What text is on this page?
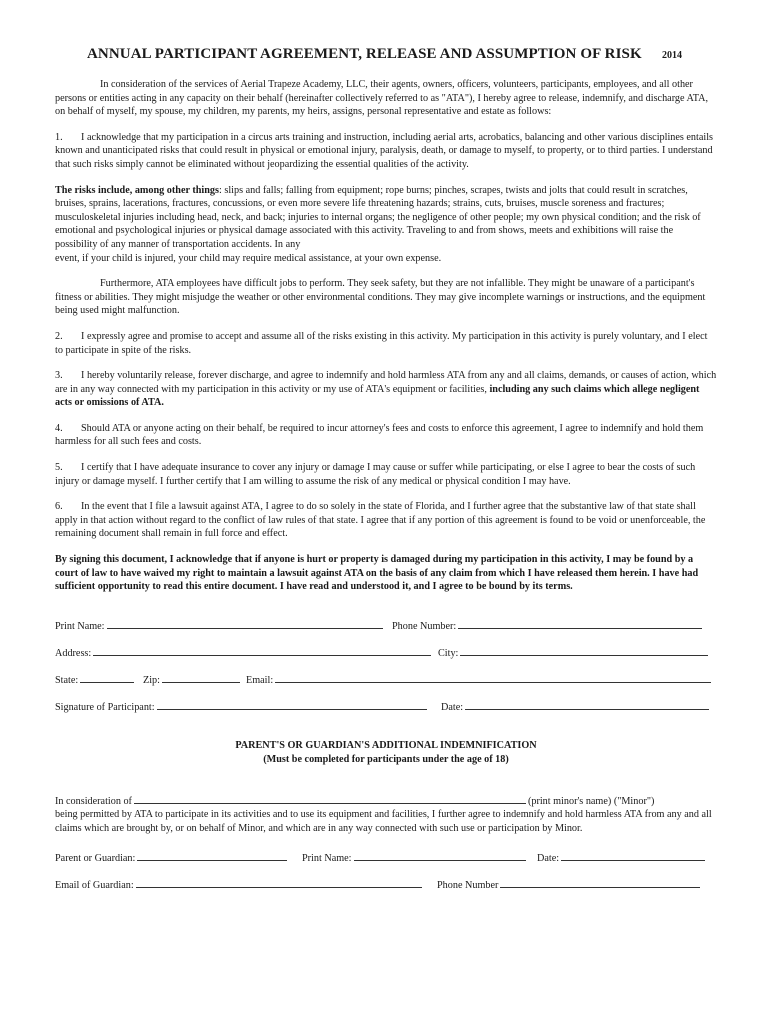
ANNUAL PARTICIPANT AGREEMENT, RELEASE AND ASSUMPTION OF RISK 2014

In consideration of the services of Aerial Trapeze Academy, LLC, their agents, owners, officers, volunteers, participants, employees, and all other persons or entities acting in any capacity on their behalf (hereinafter collectively referred to as "ATA"), I hereby agree to release, indemnify, and discharge ATA, on behalf of myself, my spouse, my children, my parents, my heirs, assigns, personal representative and estate as follows:

1. I acknowledge that my participation in a circus arts training and instruction, including aerial arts, acrobatics, balancing and other various disciplines entails known and unanticipated risks that could result in physical or emotional injury, paralysis, death, or damage to myself, to property, or to third parties. I understand that such risks simply cannot be eliminated without jeopardizing the essential qualities of the activity.

The risks include, among other things: slips and falls; falling from equipment; rope burns; pinches, scrapes, twists and jolts that could result in scratches, bruises, sprains, lacerations, fractures, concussions, or even more severe life threatening hazards; strains, cuts, bruises, muscle soreness and fractures; musculoskeletal injuries including head, neck, and back; injuries to internal organs; the negligence of other people; my own physical condition; and the risk of emotional and psychological injuries or physical damage associated with this activity. Traveling to and from shows, meets and exhibitions will raise the possibility of any manner of transportation accidents. In any
event, if your child is injured, your child may require medical assistance, at your own expense.

Furthermore, ATA employees have difficult jobs to perform. They seek safety, but they are not infallible. They might be unaware of a participant's fitness or abilities. They might misjudge the weather or other environmental conditions. They may give incomplete warnings or instructions, and the equipment being used might malfunction.

2. I expressly agree and promise to accept and assume all of the risks existing in this activity. My participation in this activity is purely voluntary, and I elect to participate in spite of the risks.

3. I hereby voluntarily release, forever discharge, and agree to indemnify and hold harmless ATA from any and all claims, demands, or causes of action, which are in any way connected with my participation in this activity or my use of ATA's equipment or facilities, including any such claims which allege negligent acts or omissions of ATA.

4. Should ATA or anyone acting on their behalf, be required to incur attorney's fees and costs to enforce this agreement, I agree to indemnify and hold them harmless for all such fees and costs.

5. I certify that I have adequate insurance to cover any injury or damage I may cause or suffer while participating, or else I agree to bear the costs of such injury or damage myself. I further certify that I am willing to assume the risk of any medical or physical condition I may have.

6. In the event that I file a lawsuit against ATA, I agree to do so solely in the state of Florida, and I further agree that the substantive law of that state shall apply in that action without regard to the conflict of law rules of that state. I agree that if any portion of this agreement is found to be void or unenforceable, the remaining document shall remain in full force and effect.

By signing this document, I acknowledge that if anyone is hurt or property is damaged during my participation in this activity, I may be found by a court of law to have waived my right to maintain a lawsuit against ATA on the basis of any claim from which I have released them herein. I have had sufficient opportunity to read this entire document. I have read and understood it, and I agree to be bound by its terms.

Print Name:	Phone Number:
Address:	City:
State:	Zip:	Email:
Signature of Participant:	Date:
PARENT'S OR GUARDIAN'S ADDITIONAL INDEMNIFICATION
(Must be completed for participants under the age of 18)

In consideration of	(print minor's name) ("Minor")
being permitted by ATA to participate in its activities and to use its equipment and facilities, I further agree to indemnify and hold harmless ATA from any and all claims which are brought by, or on behalf of Minor, and which are in any way connected with such use or participation by Minor.

Parent or Guardian:	Print Name:	Date:
Email of Guardian:	Phone Number
